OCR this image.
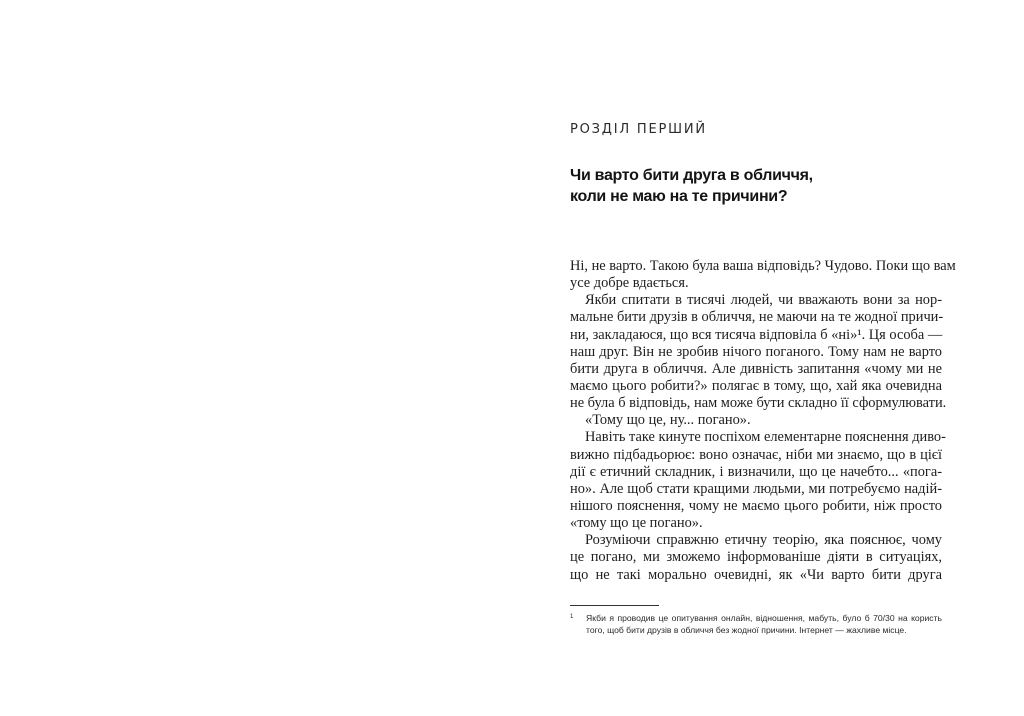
РОЗДІЛ ПЕРШИЙ
Чи варто бити друга в обличчя,
коли не маю на те причини?
Ні, не варто. Такою була ваша відповідь? Чудово. Поки що вам
усе добре вдається.
Якби спитати в тисячі людей, чи вважають вони за нор-
мальне бити друзів в обличчя, не маючи на те жодної причи-
ни, закладаюся, що вся тисяча відповіла б «ні»¹. Ця особа —
наш друг. Він не зробив нічого поганого. Тому нам не варто
бити друга в обличчя. Але дивність запитання «чому ми не
маємо цього робити?» полягає в тому, що, хай яка очевидна
не була б відповідь, нам може бути складно її сформулювати.
«Тому що це, ну... погано».
Навіть таке кинуте поспіхом елементарне пояснення диво-
вижно підбадьорює: воно означає, ніби ми знаємо, що в цієї
дії є етичний складник, і визначили, що це начебто... «пога-
но». Але щоб стати кращими людьми, ми потребуємо надій-
нішого пояснення, чому не маємо цього робити, ніж просто
«тому що це погано».
Розуміючи справжню етичну теорію, яка пояснює, чому
це погано, ми зможемо інформованіше діяти в ситуаціях,
що не такі морально очевидні, як «Чи варто бити друга
1	Якби я проводив це опитування онлайн, відношення, мабуть, було б 70/30 на користь
того, щоб бити друзів в обличчя без жодної причини. Інтернет — жахливе місце.
